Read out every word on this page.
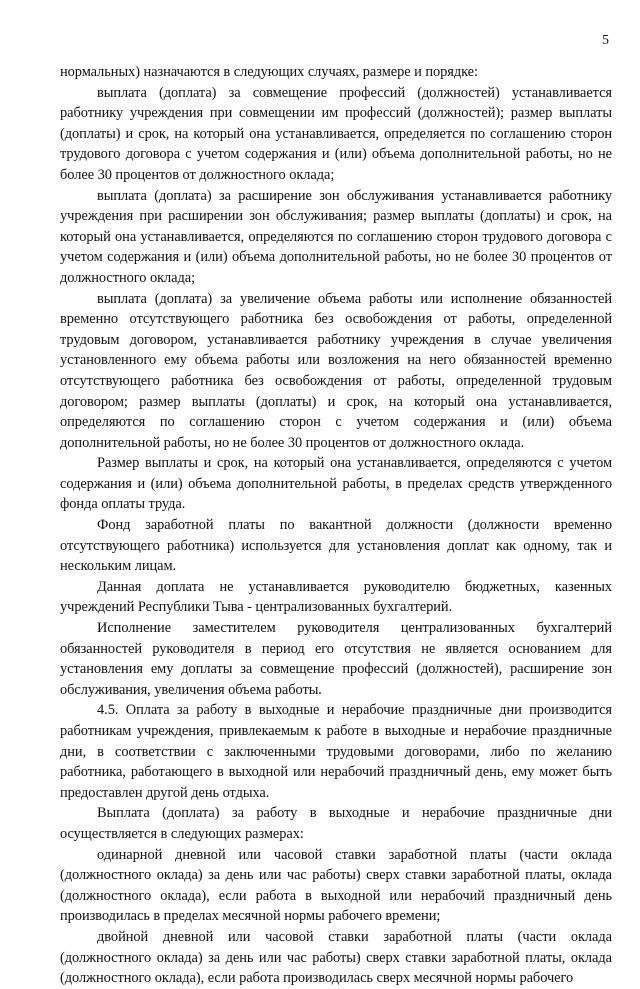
5

нормальных) назначаются в следующих случаях, размере и порядке:

выплата (доплата) за совмещение профессий (должностей) устанавливается работнику учреждения при совмещении им профессий (должностей); размер выплаты (доплаты) и срок, на который она устанавливается, определяется по соглашению сторон трудового договора с учетом содержания и (или) объема дополнительной работы, но не более 30 процентов от должностного оклада;

выплата (доплата) за расширение зон обслуживания устанавливается работнику учреждения при расширении зон обслуживания; размер выплаты (доплаты) и срок, на который она устанавливается, определяются по соглашению сторон трудового договора с учетом содержания и (или) объема дополнительной работы, но не более 30 процентов от должностного оклада;

выплата (доплата) за увеличение объема работы или исполнение обязанностей временно отсутствующего работника без освобождения от работы, определенной трудовым договором, устанавливается работнику учреждения в случае увеличения установленного ему объема работы или возложения на него обязанностей временно отсутствующего работника без освобождения от работы, определенной трудовым договором; размер выплаты (доплаты) и срок, на который она устанавливается, определяются по соглашению сторон с учетом содержания и (или) объема дополнительной работы, но не более 30 процентов от должностного оклада.

Размер выплаты и срок, на который она устанавливается, определяются с учетом содержания и (или) объема дополнительной работы, в пределах средств утвержденного фонда оплаты труда.

Фонд заработной платы по вакантной должности (должности временно отсутствующего работника) используется для установления доплат как одному, так и нескольким лицам.

Данная доплата не устанавливается руководителю бюджетных, казенных учреждений Республики Тыва - централизованных бухгалтерий.

Исполнение заместителем руководителя централизованных бухгалтерий обязанностей руководителя в период его отсутствия не является основанием для установления ему доплаты за совмещение профессий (должностей), расширение зон обслуживания, увеличения объема работы.

4.5. Оплата за работу в выходные и нерабочие праздничные дни производится работникам учреждения, привлекаемым к работе в выходные и нерабочие праздничные дни, в соответствии с заключенными трудовыми договорами, либо по желанию работника, работающего в выходной или нерабочий праздничный день, ему может быть предоставлен другой день отдыха.

Выплата (доплата) за работу в выходные и нерабочие праздничные дни осуществляется в следующих размерах:

одинарной дневной или часовой ставки заработной платы (части оклада (должностного оклада) за день или час работы) сверх ставки заработной платы, оклада (должностного оклада), если работа в выходной или нерабочий праздничный день производилась в пределах месячной нормы рабочего времени;

двойной дневной или часовой ставки заработной платы (части оклада (должностного оклада) за день или час работы) сверх ставки заработной платы, оклада (должностного оклада), если работа производилась сверх месячной нормы рабочего
